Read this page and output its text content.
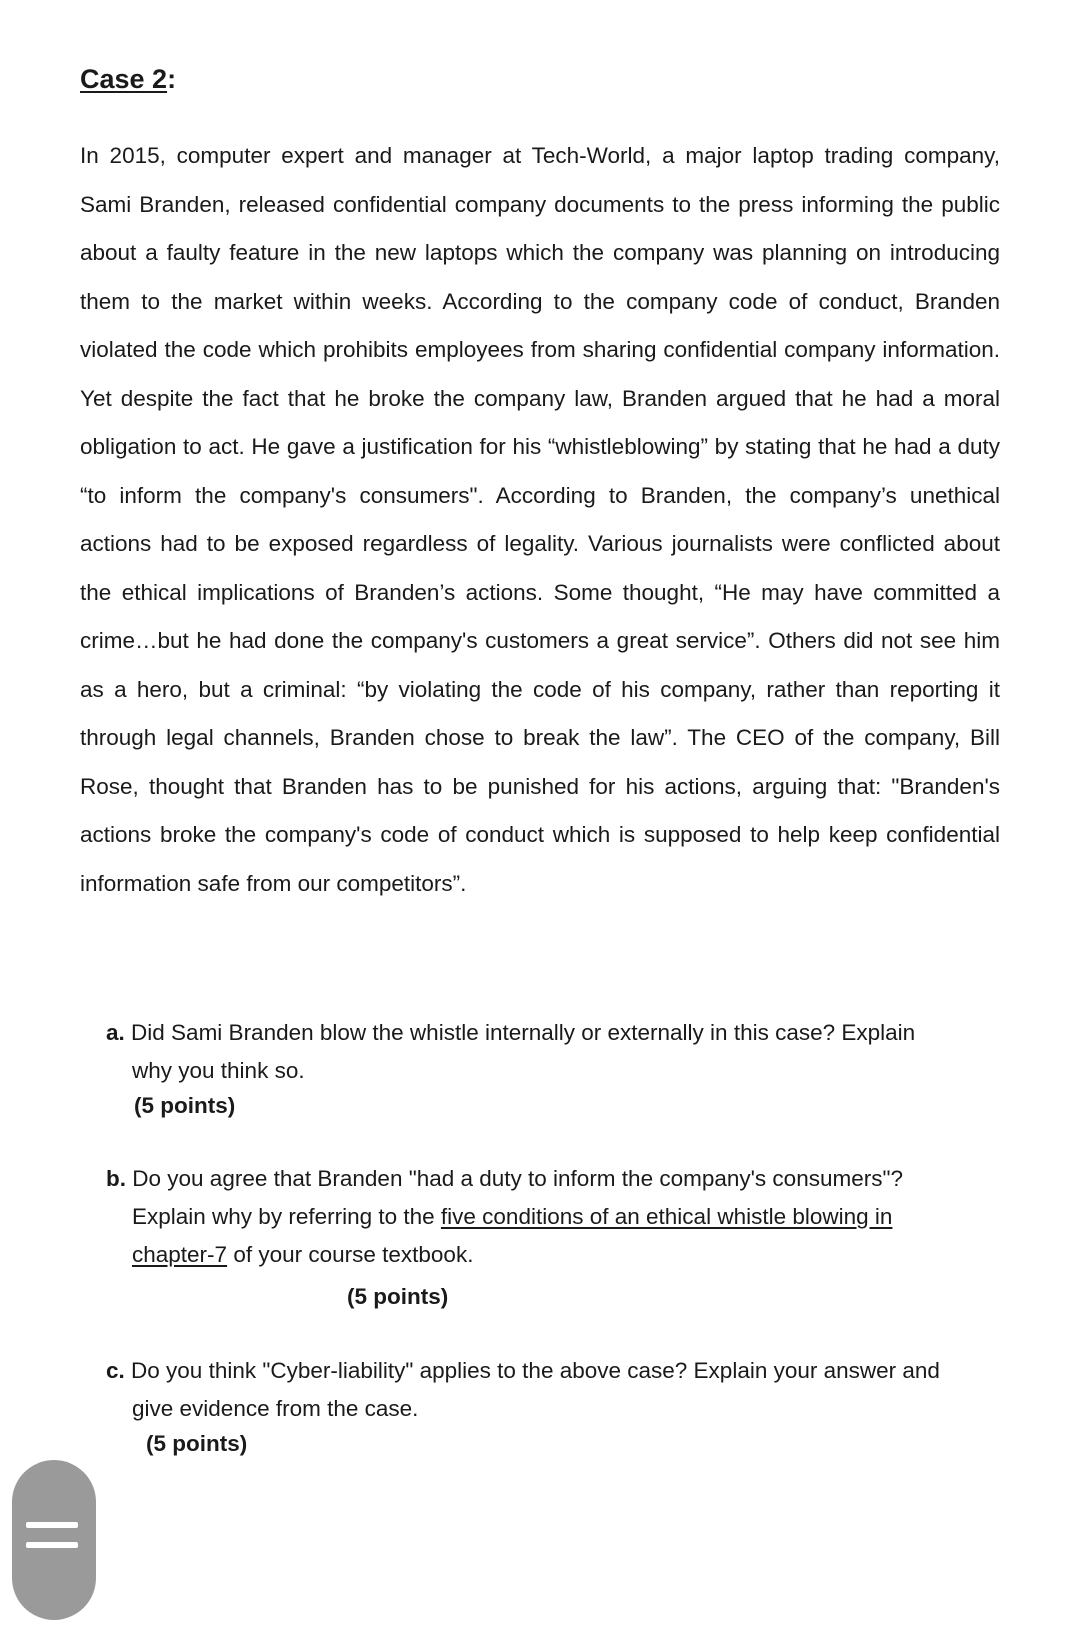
Case 2:

In 2015, computer expert and manager at Tech-World, a major laptop trading company, Sami Branden, released confidential company documents to the press informing the public about a faulty feature in the new laptops which the company was planning on introducing them to the market within weeks. According to the company code of conduct, Branden violated the code which prohibits employees from sharing confidential company information. Yet despite the fact that he broke the company law, Branden argued that he had a moral obligation to act. He gave a justification for his “whistleblowing” by stating that he had a duty “to inform the company's consumers". According to Branden, the company’s unethical actions had to be exposed regardless of legality. Various journalists were conflicted about the ethical implications of Branden’s actions. Some thought, “He may have committed a crime…but he had done the company's customers a great service”. Others did not see him as a hero, but a criminal: “by violating the code of his company, rather than reporting it through legal channels, Branden chose to break the law”. The CEO of the company, Bill Rose, thought that Branden has to be punished for his actions, arguing that: "Branden's actions broke the company's code of conduct which is supposed to help keep confidential information safe from our competitors”.

a. Did Sami Branden blow the whistle internally or externally in this case? Explain
why you think so.
(5 points)
b. Do you agree that Branden "had a duty to inform the company's consumers"?
Explain why by referring to the five conditions of an ethical whistle blowing in
chapter-7 of your course textbook.
(5 points)
c. Do you think "Cyber-liability" applies to the above case? Explain your answer and
give evidence from the case.
(5 points)
